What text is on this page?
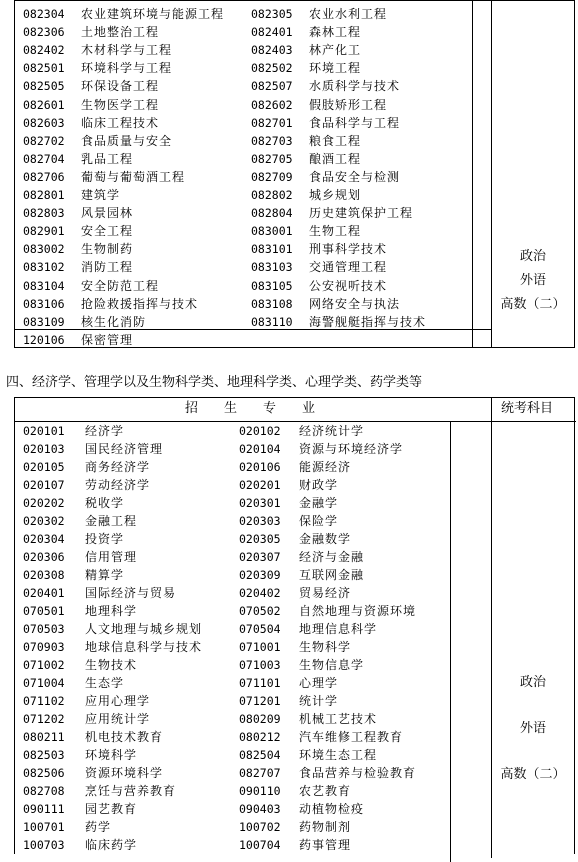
082304 农业建筑环境与能源工程 082305 农业水利工程
082306 土地整治工程	082401 森林工程
082402 木材科学与工程	082403 林产化工
082501 环境科学与工程	082502 环境工程
082505 环保设备工程	082507 水质科学与技术
082601 生物医学工程	082602 假肢矫形工程
082603 临床工程技术	082701 食品科学与工程
082702 食品质量与安全	082703 粮食工程
082704 乳品工程	082705 酿酒工程
082706 葡萄与葡萄酒工程	082709 食品安全与检测
082801 建筑学	082802 城乡规划
082803 风景园林	082804 历史建筑保护工程
082901 安全工程	083001 生物工程
083002 生物制药	083101 刑事科学技术
083102 消防工程	083103 交通管理工程
083104 安全防范工程	083105 公安视听技术
083106 抢险救援指挥与技术	083108 网络安全与执法
083109 核生化消防	083110 海警舰艇指挥与技术
120106 保密管理
政治
外语
高数（二）
四、经济学、管理学以及生物科学类、地理科学类、心理学类、药学类等
招　　生　　专　　业	统考科目
020101 经济学	020102 经济统计学
020103 国民经济管理	020104 资源与环境经济学
020105 商务经济学	020106 能源经济
020107 劳动经济学	020201 财政学
020202 税收学	020301 金融学
020302 金融工程	020303 保险学
020304 投资学	020305 金融数学
020306 信用管理	020307 经济与金融
020308 精算学	020309 互联网金融
020401 国际经济与贸易	020402 贸易经济
070501 地理科学	070502 自然地理与资源环境
070503 人文地理与城乡规划	070504 地理信息科学
070903 地球信息科学与技术	071001 生物科学
071002 生物技术	071003 生物信息学
071004 生态学	071101 心理学
071102 应用心理学	071201 统计学
071202 应用统计学	080209 机械工艺技术
080211 机电技术教育	080212 汽车维修工程教育
082503 环境科学	082504 环境生态工程
082506 资源环境科学	082707 食品营养与检验教育
082708 烹饪与营养教育	090110 农艺教育
090111 园艺教育	090403 动植物检疫
100701 药学	100702 药物制剂
100703 临床药学	100704 药事管理
政治
外语
高数（二）
